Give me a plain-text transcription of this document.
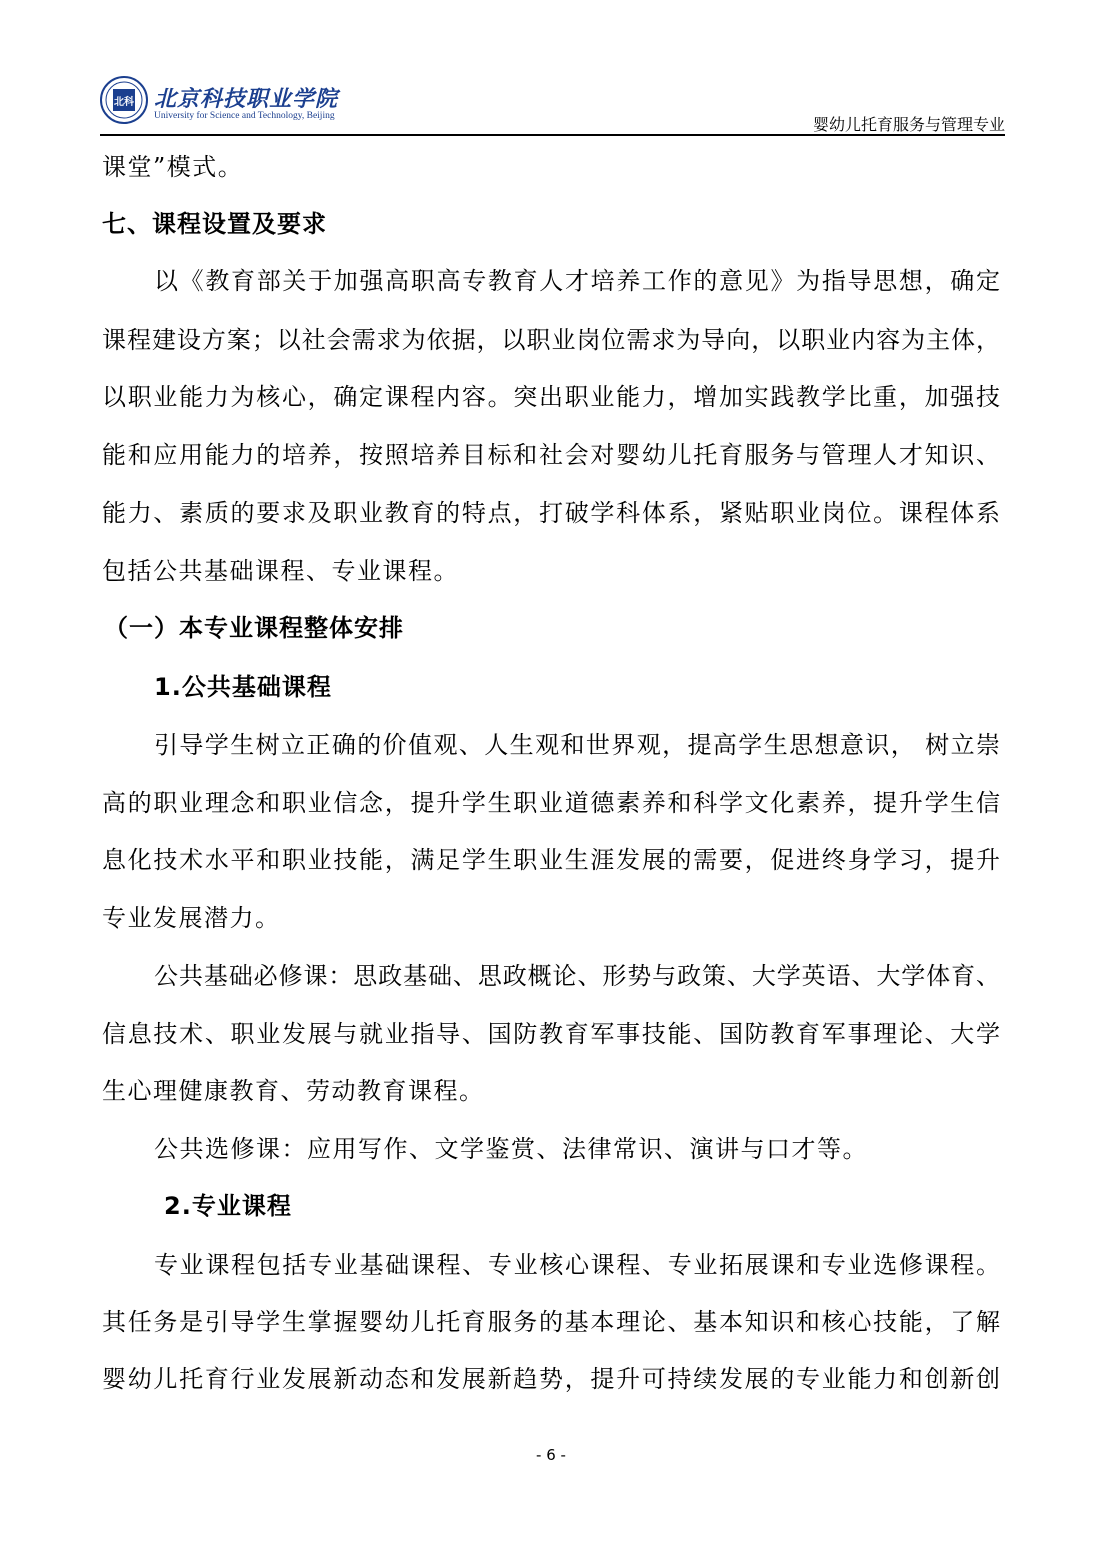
北科 北京科技职业学院
University for Science and Technology, Beijing	婴幼儿托育服务与管理专业
课堂”模式。
七、课程设置及要求
以《教育部关于加强高职高专教育人才培养工作的意见》为指导思想，确定
课程建设方案；以社会需求为依据，以职业岗位需求为导向，以职业内容为主体，
以职业能力为核心，确定课程内容。突出职业能力，增加实践教学比重，加强技
能和应用能力的培养，按照培养目标和社会对婴幼儿托育服务与管理人才知识、
能力、素质的要求及职业教育的特点，打破学科体系，紧贴职业岗位。课程体系
包括公共基础课程、专业课程。
（一）本专业课程整体安排
1.公共基础课程
引导学生树立正确的价值观、人生观和世界观，提高学生思想意识， 树立崇
高的职业理念和职业信念，提升学生职业道德素养和科学文化素养，提升学生信
息化技术水平和职业技能，满足学生职业生涯发展的需要，促进终身学习，提升
专业发展潜力。
公共基础必修课：思政基础、思政概论、形势与政策、大学英语、大学体育、
信息技术、职业发展与就业指导、国防教育军事技能、国防教育军事理论、大学
生心理健康教育、劳动教育课程。
公共选修课：应用写作、文学鉴赏、法律常识、演讲与口才等。
2.专业课程
专业课程包括专业基础课程、专业核心课程、专业拓展课和专业选修课程。
其任务是引导学生掌握婴幼儿托育服务的基本理论、基本知识和核心技能，了解
婴幼儿托育行业发展新动态和发展新趋势，提升可持续发展的专业能力和创新创
- 6 -
